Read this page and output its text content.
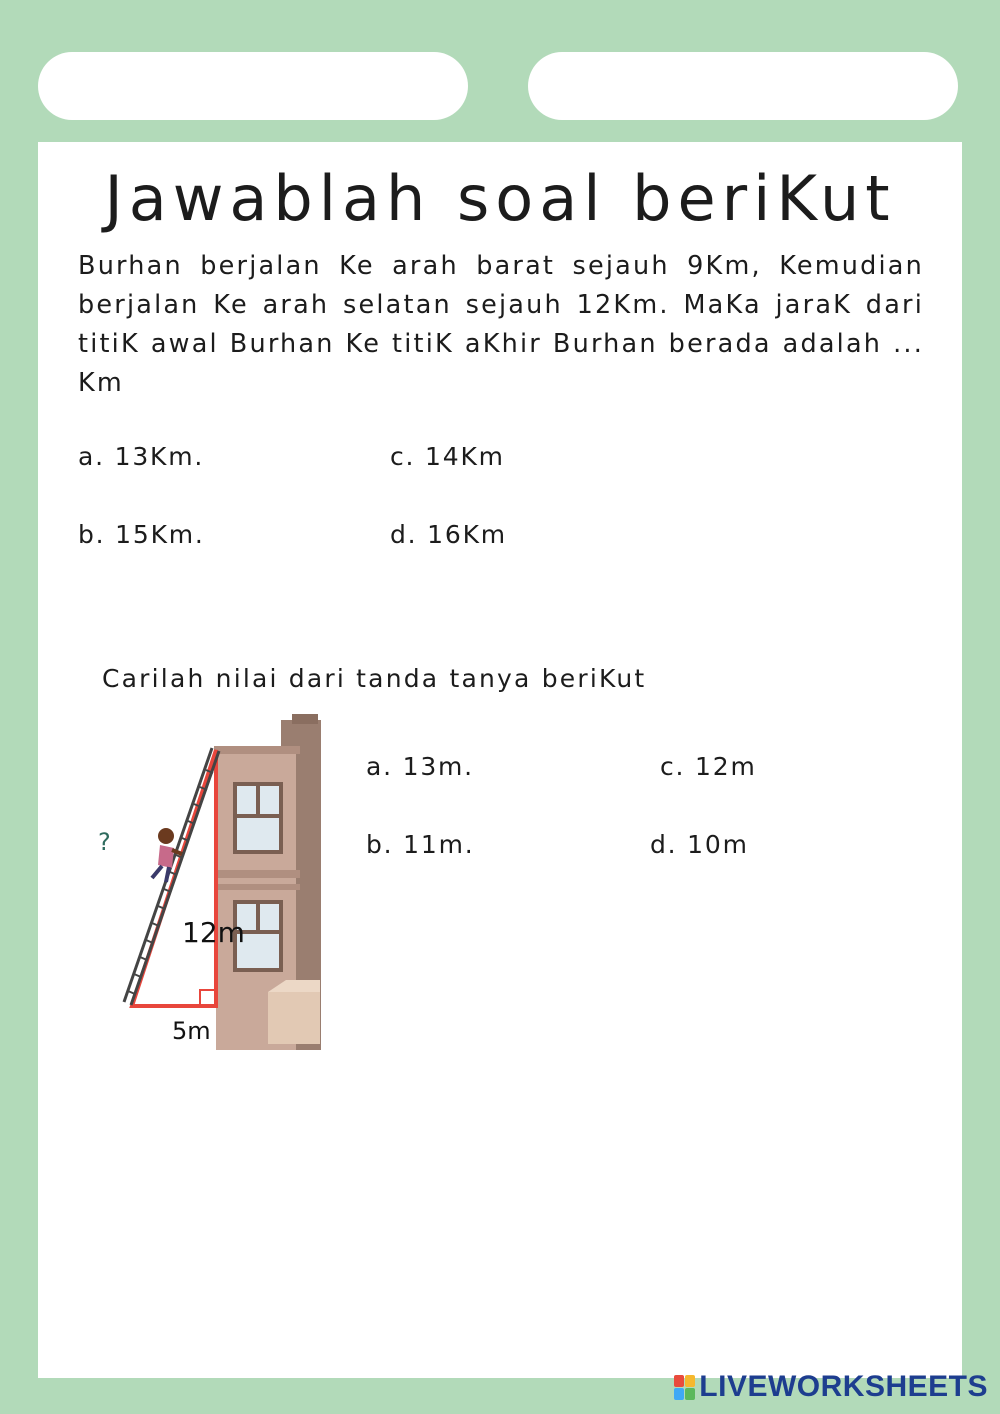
Jawablah soal beriKut

Burhan berjalan Ke arah barat sejauh 9Km, Kemudian berjalan Ke arah selatan sejauh 12Km. MaKa jaraK dari titiK awal Burhan Ke titiK aKhir Burhan berada adalah ... Km

a. 13Km.	c. 14Km
b. 15Km.	d. 16Km
Carilah nilai dari tanda tanya beriKut
?
12m
5m
a. 13m.	c. 12m
b. 11m.	d. 10m
LIVEWORKSHEETS
